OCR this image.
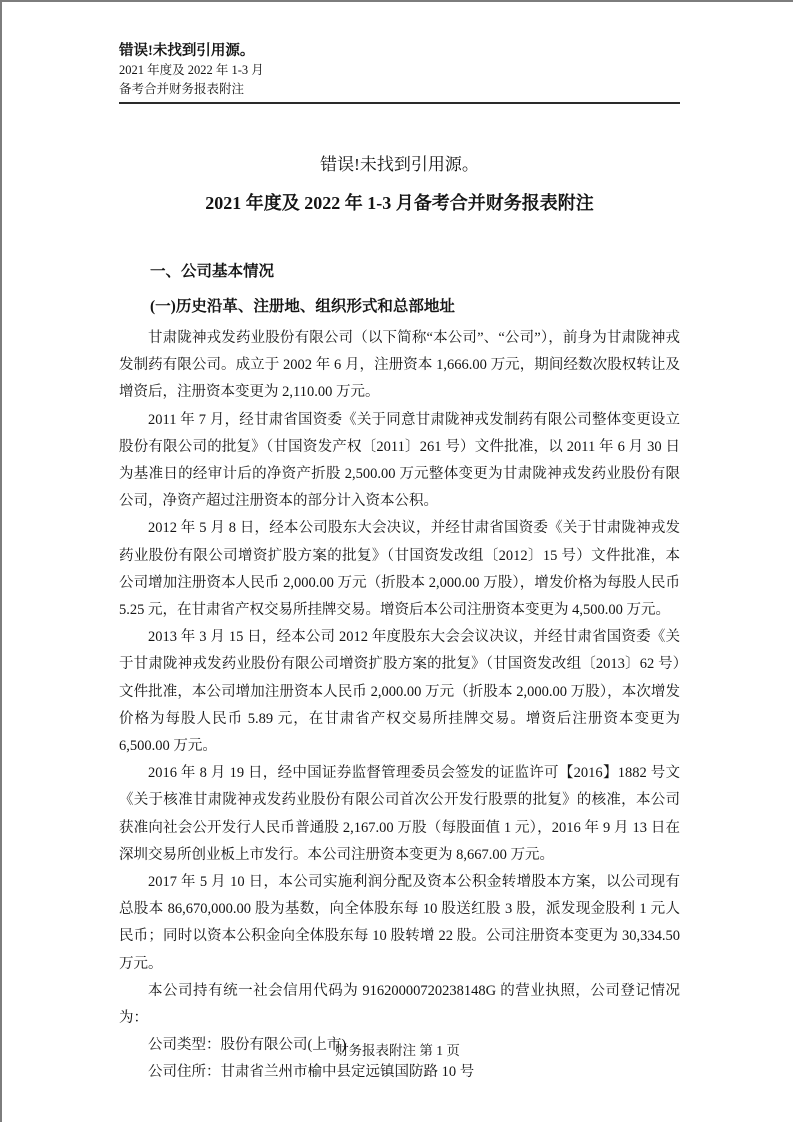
错误!未找到引用源。
2021 年度及 2022 年 1-3 月
备考合并财务报表附注
错误!未找到引用源。
2021 年度及 2022 年 1-3 月备考合并财务报表附注
一、公司基本情况
(一)历史沿革、注册地、组织形式和总部地址

甘肃陇神戎发药业股份有限公司（以下简称“本公司”、“公司”），前身为甘肃陇神戎发制药有限公司。成立于 2002 年 6 月，注册资本 1,666.00 万元，期间经数次股权转让及增资后，注册资本变更为 2,110.00 万元。

2011 年 7 月，经甘肃省国资委《关于同意甘肃陇神戎发制药有限公司整体变更设立股份有限公司的批复》（甘国资发产权〔2011〕261 号）文件批准，以 2011 年 6 月 30 日为基准日的经审计后的净资产折股 2,500.00 万元整体变更为甘肃陇神戎发药业股份有限公司，净资产超过注册资本的部分计入资本公积。

2012 年 5 月 8 日，经本公司股东大会决议，并经甘肃省国资委《关于甘肃陇神戎发药业股份有限公司增资扩股方案的批复》（甘国资发改组〔2012〕15 号）文件批准，本公司增加注册资本人民币 2,000.00 万元（折股本 2,000.00 万股），增发价格为每股人民币 5.25 元，在甘肃省产权交易所挂牌交易。增资后本公司注册资本变更为 4,500.00 万元。

2013 年 3 月 15 日，经本公司 2012 年度股东大会会议决议，并经甘肃省国资委《关于甘肃陇神戎发药业股份有限公司增资扩股方案的批复》（甘国资发改组〔2013〕62 号）文件批准，本公司增加注册资本人民币 2,000.00 万元（折股本 2,000.00 万股），本次增发价格为每股人民币 5.89 元，在甘肃省产权交易所挂牌交易。增资后注册资本变更为 6,500.00 万元。

2016 年 8 月 19 日，经中国证券监督管理委员会签发的证监许可【2016】1882 号文《关于核准甘肃陇神戎发药业股份有限公司首次公开发行股票的批复》的核准，本公司获准向社会公开发行人民币普通股 2,167.00 万股（每股面值 1 元），2016 年 9 月 13 日在深圳交易所创业板上市发行。本公司注册资本变更为 8,667.00 万元。

2017 年 5 月 10 日，本公司实施利润分配及资本公积金转增股本方案，以公司现有总股本 86,670,000.00 股为基数，向全体股东每 10 股送红股 3 股，派发现金股利 1 元人民币；同时以资本公积金向全体股东每 10 股转增 22 股。公司注册资本变更为 30,334.50 万元。

本公司持有统一社会信用代码为 91620000720238148G 的营业执照，公司登记情况为：

公司类型：股份有限公司(上市)

公司住所：甘肃省兰州市榆中县定远镇国防路 10 号

财务报表附注 第 1 页
